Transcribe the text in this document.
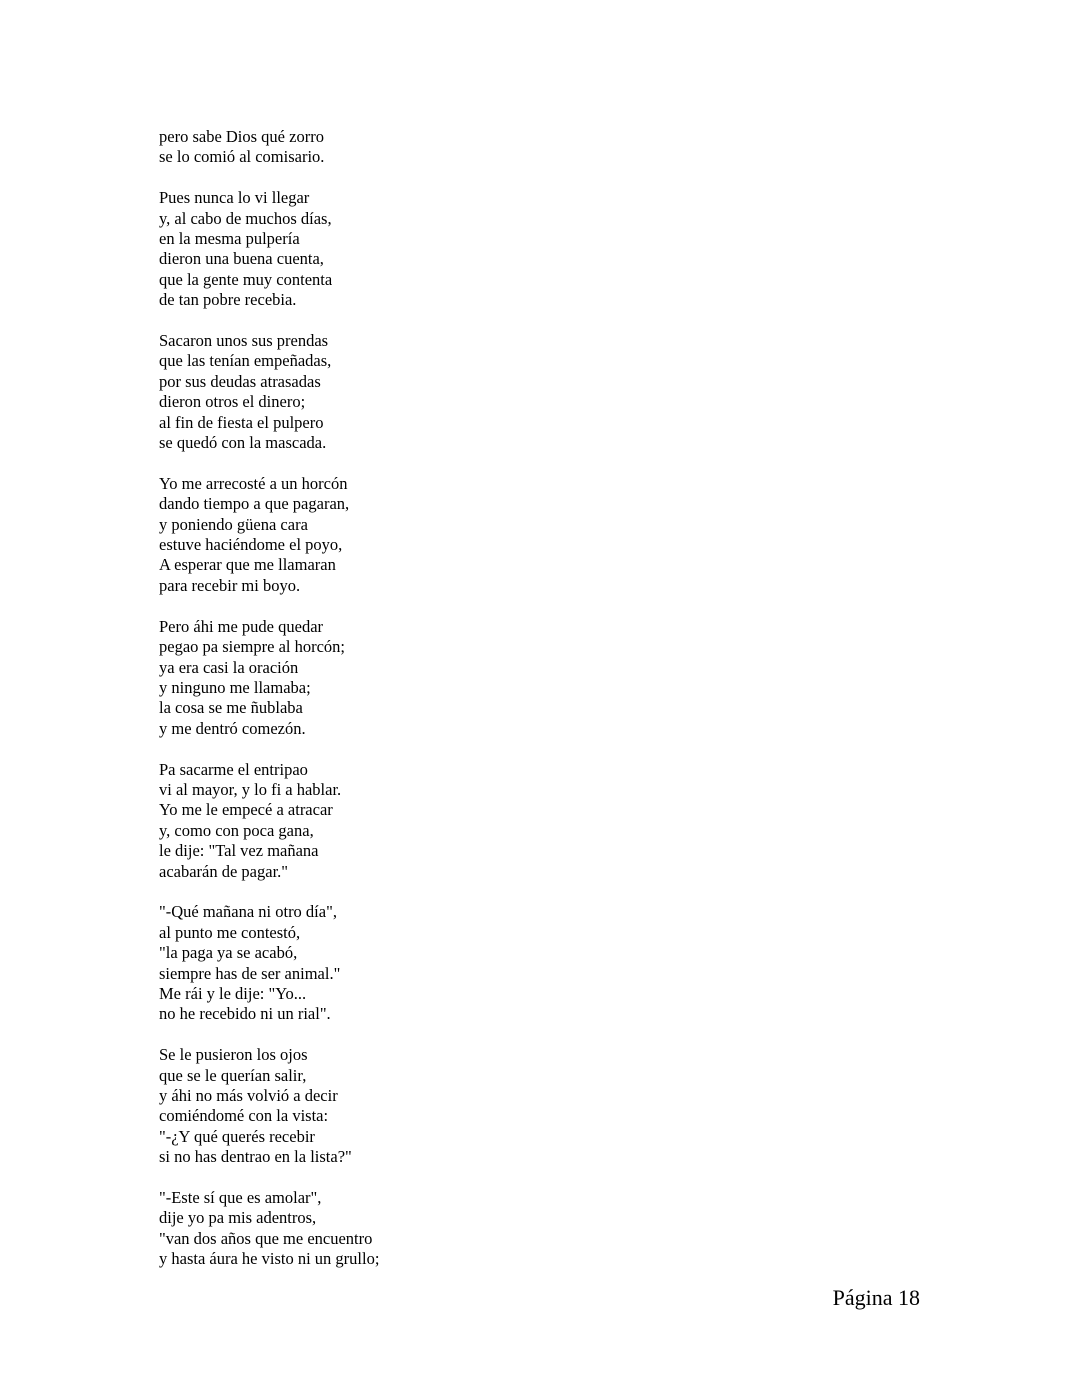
pero sabe Dios qué zorro
se lo comió al comisario.
Pues nunca lo vi llegar
y, al cabo de muchos días,
en la mesma pulpería
dieron una buena cuenta,
que la gente muy contenta
de tan pobre recebia.
Sacaron unos sus prendas
que las tenían empeñadas,
por sus deudas atrasadas
dieron otros el dinero;
al fin de fiesta el pulpero
se quedó con la mascada.
Yo me arrecosté a un horcón
dando tiempo a que pagaran,
y poniendo güena cara
estuve haciéndome el poyo,
A esperar que me llamaran
para recebir mi boyo.
Pero áhi me pude quedar
pegao pa siempre al horcón;
ya era casi la oración
y ninguno me llamaba;
la cosa se me ñublaba
y me dentró comezón.
Pa sacarme el entripao
vi al mayor, y lo fi a hablar.
Yo me le empecé a atracar
y, como con poca gana,
le dije: "Tal vez mañana
acabarán de pagar."
"-Qué mañana ni otro día",
al punto me contestó,
"la paga ya se acabó,
siempre has de ser animal."
Me rái y le dije: "Yo...
no he recebido ni un rial".
Se le pusieron los ojos
que se le querían salir,
y áhi no más volvió a decir
comiéndomé con la vista:
"-¿Y qué querés recebir
si no has dentrao en la lista?"
"-Este sí que es amolar",
dije yo pa mis adentros,
"van dos años que me encuentro
y hasta áura he visto ni un grullo;
Página 18
